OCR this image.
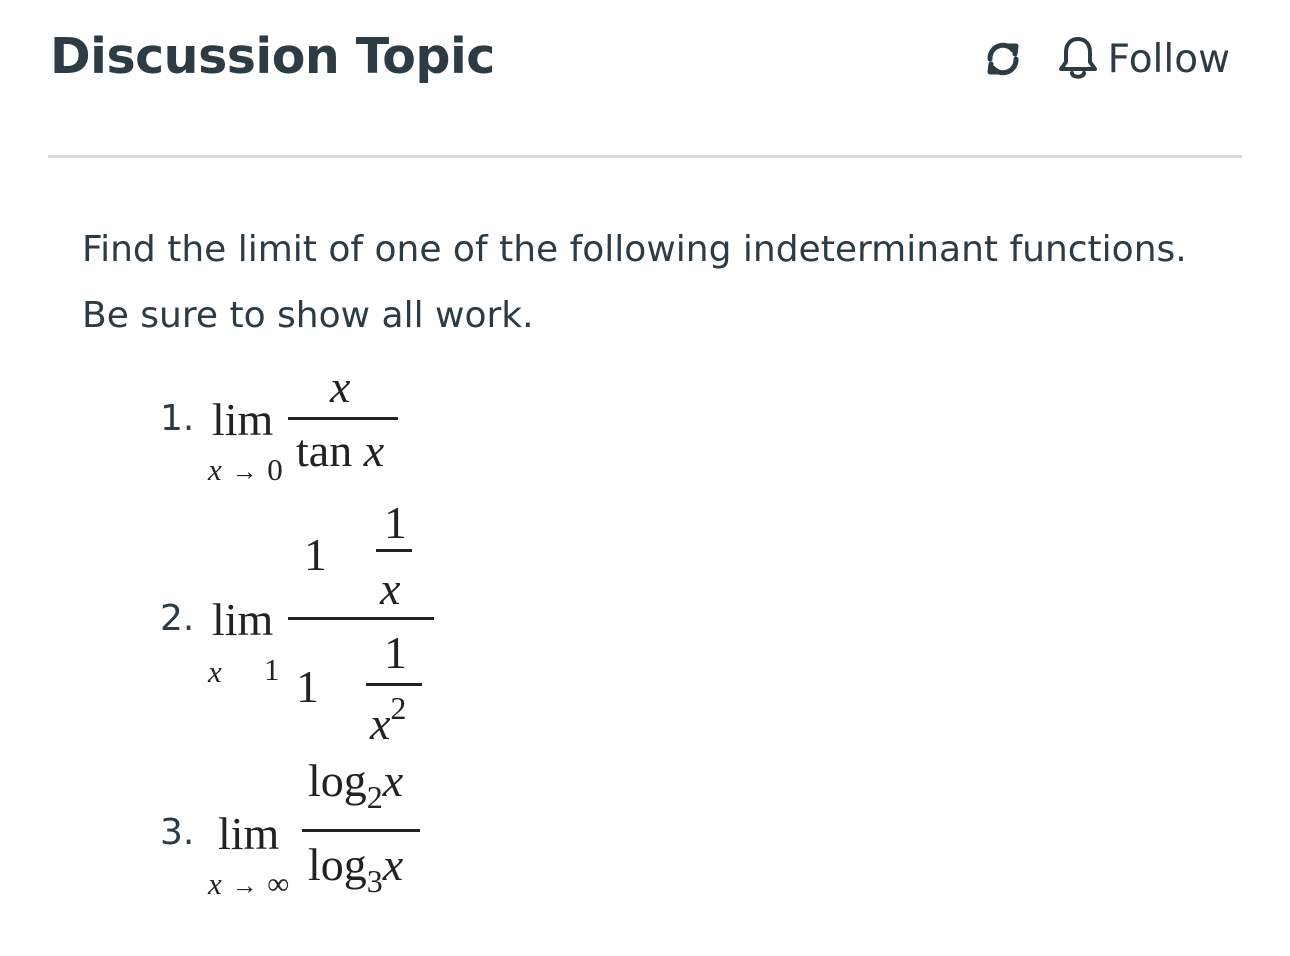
Discussion Topic	Follow

Find the limit of one of the following indeterminant functions. Be sure to show all work.

1. lim
x → 0
x
tan x
2. lim
x 1
1
1
x
1
1
$x^2$
3. lim
x → ∞
$\log_2x$
$\log_3x$
